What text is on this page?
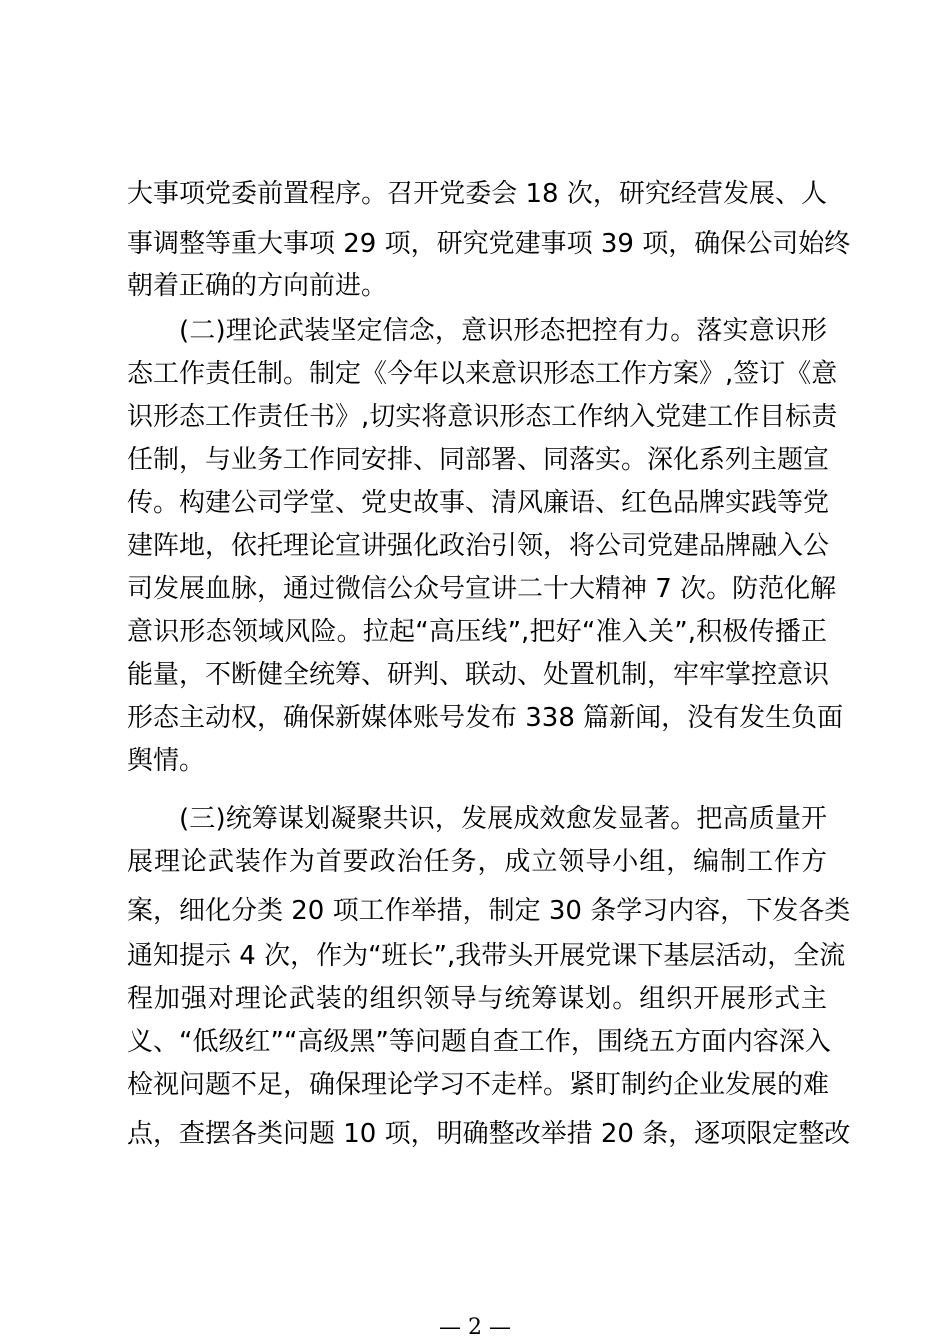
大事项党委前置程序。召开党委会 18 次，研究经营发展、人
事调整等重大事项 29 项，研究党建事项 39 项，确保公司始终
朝着正确的方向前进。
(二)理论武装坚定信念，意识形态把控有力。落实意识形
态工作责任制。制定《今年以来意识形态工作方案》,签订《意
识形态工作责任书》,切实将意识形态工作纳入党建工作目标责
任制，与业务工作同安排、同部署、同落实。深化系列主题宣
传。构建公司学堂、党史故事、清风廉语、红色品牌实践等党
建阵地，依托理论宣讲强化政治引领，将公司党建品牌融入公
司发展血脉，通过微信公众号宣讲二十大精神 7 次。防范化解
意识形态领域风险。拉起“高压线”,把好“准入关”,积极传播正
能量，不断健全统筹、研判、联动、处置机制，牢牢掌控意识
形态主动权，确保新媒体账号发布 338 篇新闻，没有发生负面
舆情。
(三)统筹谋划凝聚共识，发展成效愈发显著。把高质量开
展理论武装作为首要政治任务，成立领导小组，编制工作方
案，细化分类 20 项工作举措，制定 30 条学习内容，下发各类
通知提示 4 次，作为“班长”,我带头开展党课下基层活动，全流
程加强对理论武装的组织领导与统筹谋划。组织开展形式主
义、“低级红”“高级黑”等问题自查工作，围绕五方面内容深入
检视问题不足，确保理论学习不走样。紧盯制约企业发展的难
点，查摆各类问题 10 项，明确整改举措 20 条，逐项限定整改
— 2 —
